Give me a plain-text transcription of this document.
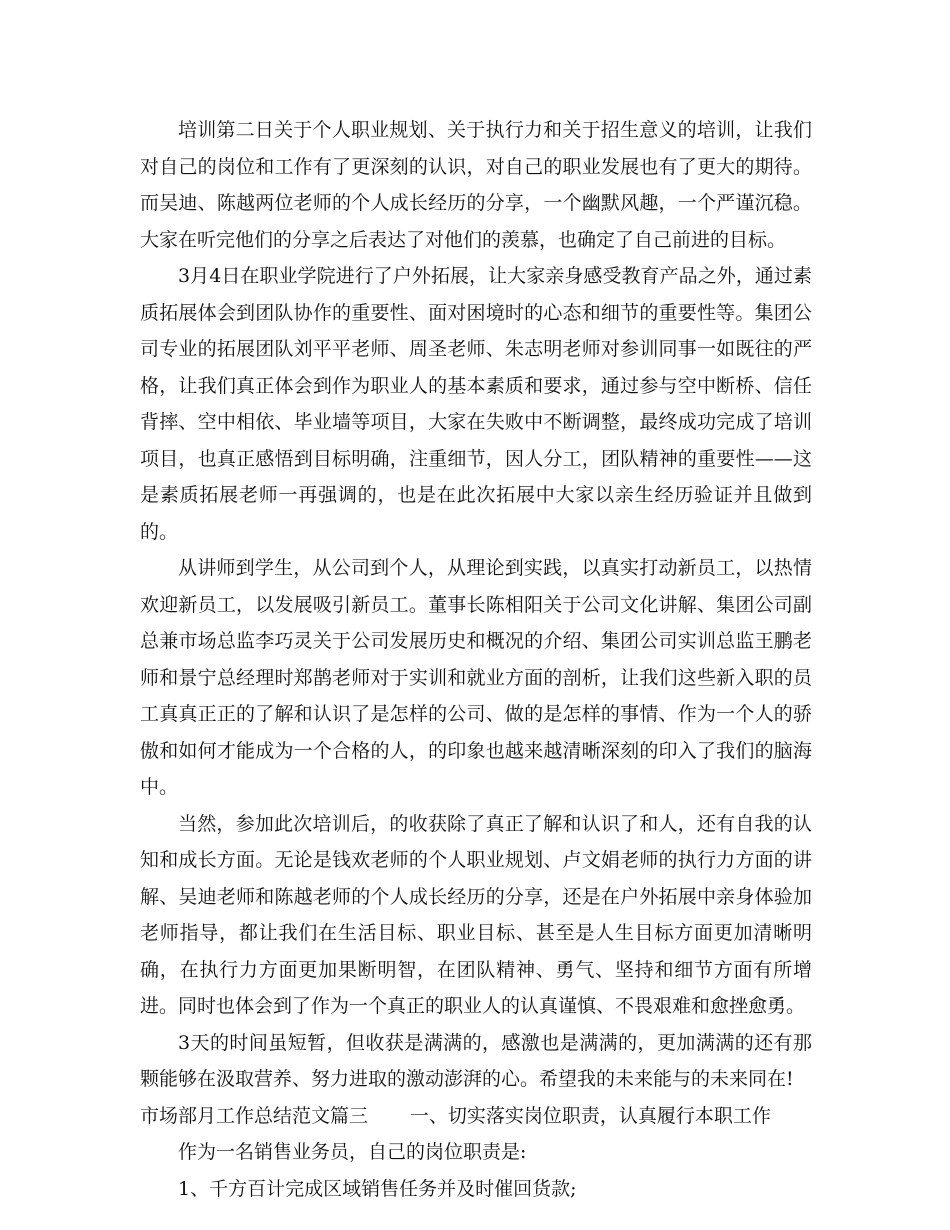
培训第二日关于个人职业规划、关于执行力和关于招生意义的培训，让我们对自己的岗位和工作有了更深刻的认识，对自己的职业发展也有了更大的期待。而吴迪、陈越两位老师的个人成长经历的分享，一个幽默风趣，一个严谨沉稳。大家在听完他们的分享之后表达了对他们的羡慕，也确定了自己前进的目标。

3月4日在职业学院进行了户外拓展，让大家亲身感受教育产品之外，通过素质拓展体会到团队协作的重要性、面对困境时的心态和细节的重要性等。集团公司专业的拓展团队刘平平老师、周圣老师、朱志明老师对参训同事一如既往的严格，让我们真正体会到作为职业人的基本素质和要求，通过参与空中断桥、信任背摔、空中相依、毕业墙等项目，大家在失败中不断调整，最终成功完成了培训项目，也真正感悟到目标明确，注重细节，因人分工，团队精神的重要性——这是素质拓展老师一再强调的，也是在此次拓展中大家以亲生经历验证并且做到的。

从讲师到学生，从公司到个人，从理论到实践，以真实打动新员工，以热情欢迎新员工，以发展吸引新员工。董事长陈相阳关于公司文化讲解、集团公司副总兼市场总监李巧灵关于公司发展历史和概况的介绍、集团公司实训总监王鹏老师和景宁总经理时郑鹊老师对于实训和就业方面的剖析，让我们这些新入职的员工真真正正的了解和认识了是怎样的公司、做的是怎样的事情、作为一个人的骄傲和如何才能成为一个合格的人，的印象也越来越清晰深刻的印入了我们的脑海中。

当然，参加此次培训后，的收获除了真正了解和认识了和人，还有自我的认知和成长方面。无论是钱欢老师的个人职业规划、卢文娟老师的执行力方面的讲解、吴迪老师和陈越老师的个人成长经历的分享，还是在户外拓展中亲身体验加老师指导，都让我们在生活目标、职业目标、甚至是人生目标方面更加清晰明确，在执行力方面更加果断明智，在团队精神、勇气、坚持和细节方面有所增进。同时也体会到了作为一个真正的职业人的认真谨慎、不畏艰难和愈挫愈勇。

3天的时间虽短暂，但收获是满满的，感激也是满满的，更加满满的还有那颗能够在汲取营养、努力进取的激动澎湃的心。希望我的未来能与的未来同在!

市场部月工作总结范文篇三 一、切实落实岗位职责，认真履行本职工作

作为一名销售业务员，自己的岗位职责是:

1、千方百计完成区域销售任务并及时催回货款;
